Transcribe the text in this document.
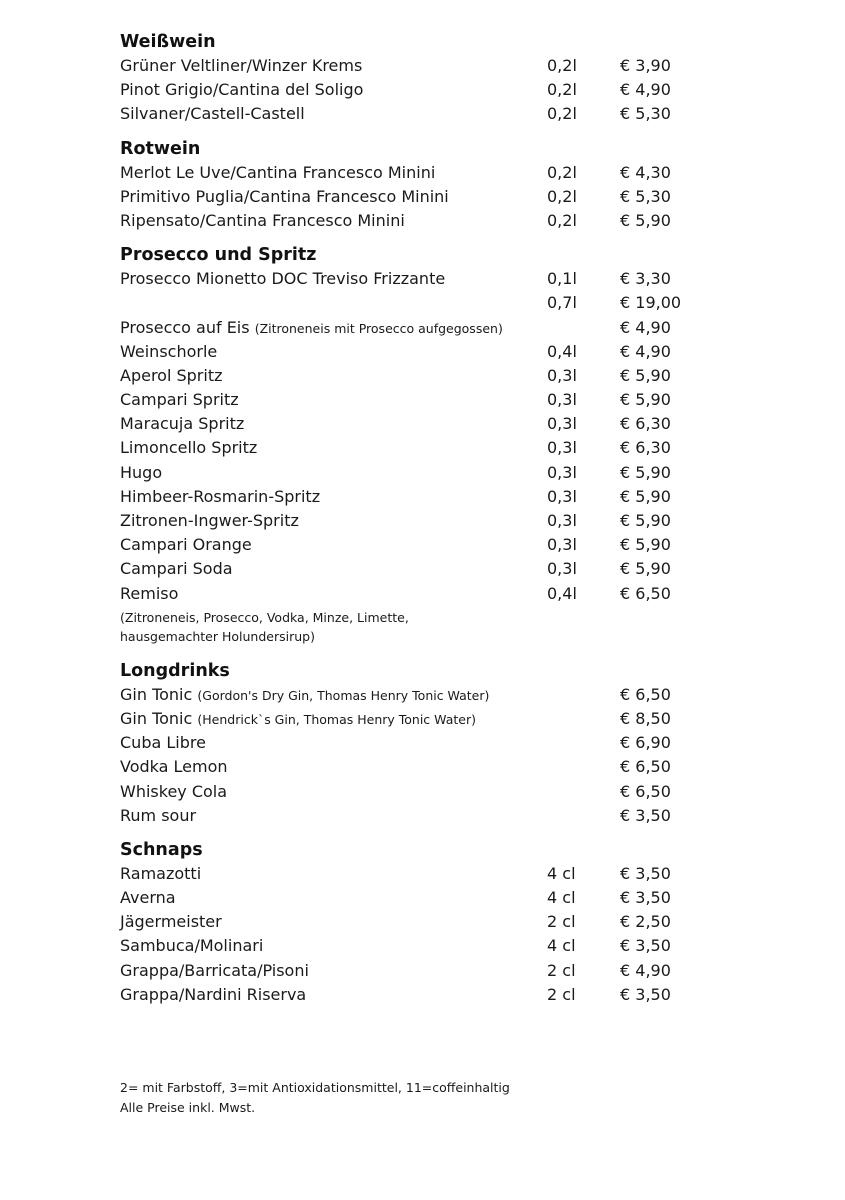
Weißwein
Grüner Veltliner/Winzer Krems	0,2l	€ 3,90
Pinot Grigio/Cantina del Soligo	0,2l	€ 4,90
Silvaner/Castell-Castell	0,2l	€ 5,30
Rotwein
Merlot Le Uve/Cantina Francesco Minini	0,2l	€ 4,30
Primitivo Puglia/Cantina Francesco Minini	0,2l	€ 5,30
Ripensato/Cantina Francesco Minini	0,2l	€ 5,90
Prosecco und Spritz
Prosecco Mionetto DOC Treviso Frizzante	0,1l	€ 3,30
0,7l	€ 19,00
Prosecco auf Eis (Zitroneneis mit Prosecco aufgegossen)	€ 4,90
Weinschorle	0,4l	€ 4,90
Aperol Spritz	0,3l	€ 5,90
Campari Spritz	0,3l	€ 5,90
Maracuja Spritz	0,3l	€ 6,30
Limoncello Spritz	0,3l	€ 6,30
Hugo	0,3l	€ 5,90
Himbeer-Rosmarin-Spritz	0,3l	€ 5,90
Zitronen-Ingwer-Spritz	0,3l	€ 5,90
Campari Orange	0,3l	€ 5,90
Campari Soda	0,3l	€ 5,90
Remiso	0,4l	€ 6,50
(Zitroneneis, Prosecco, Vodka, Minze, Limette,
hausgemachter Holundersirup)
Longdrinks
Gin Tonic (Gordon's Dry Gin, Thomas Henry Tonic Water)	€ 6,50
Gin Tonic (Hendrick`s Gin, Thomas Henry Tonic Water)	€ 8,50
Cuba Libre	€ 6,90
Vodka Lemon	€ 6,50
Whiskey Cola	€ 6,50
Rum sour	€ 3,50
Schnaps
Ramazotti	4 cl	€ 3,50
Averna	4 cl	€ 3,50
Jägermeister	2 cl	€ 2,50
Sambuca/Molinari	4 cl	€ 3,50
Grappa/Barricata/Pisoni	2 cl	€ 4,90
Grappa/Nardini Riserva	2 cl	€ 3,50
2= mit Farbstoff, 3=mit Antioxidationsmittel, 11=coffeinhaltig
Alle Preise inkl. Mwst.
